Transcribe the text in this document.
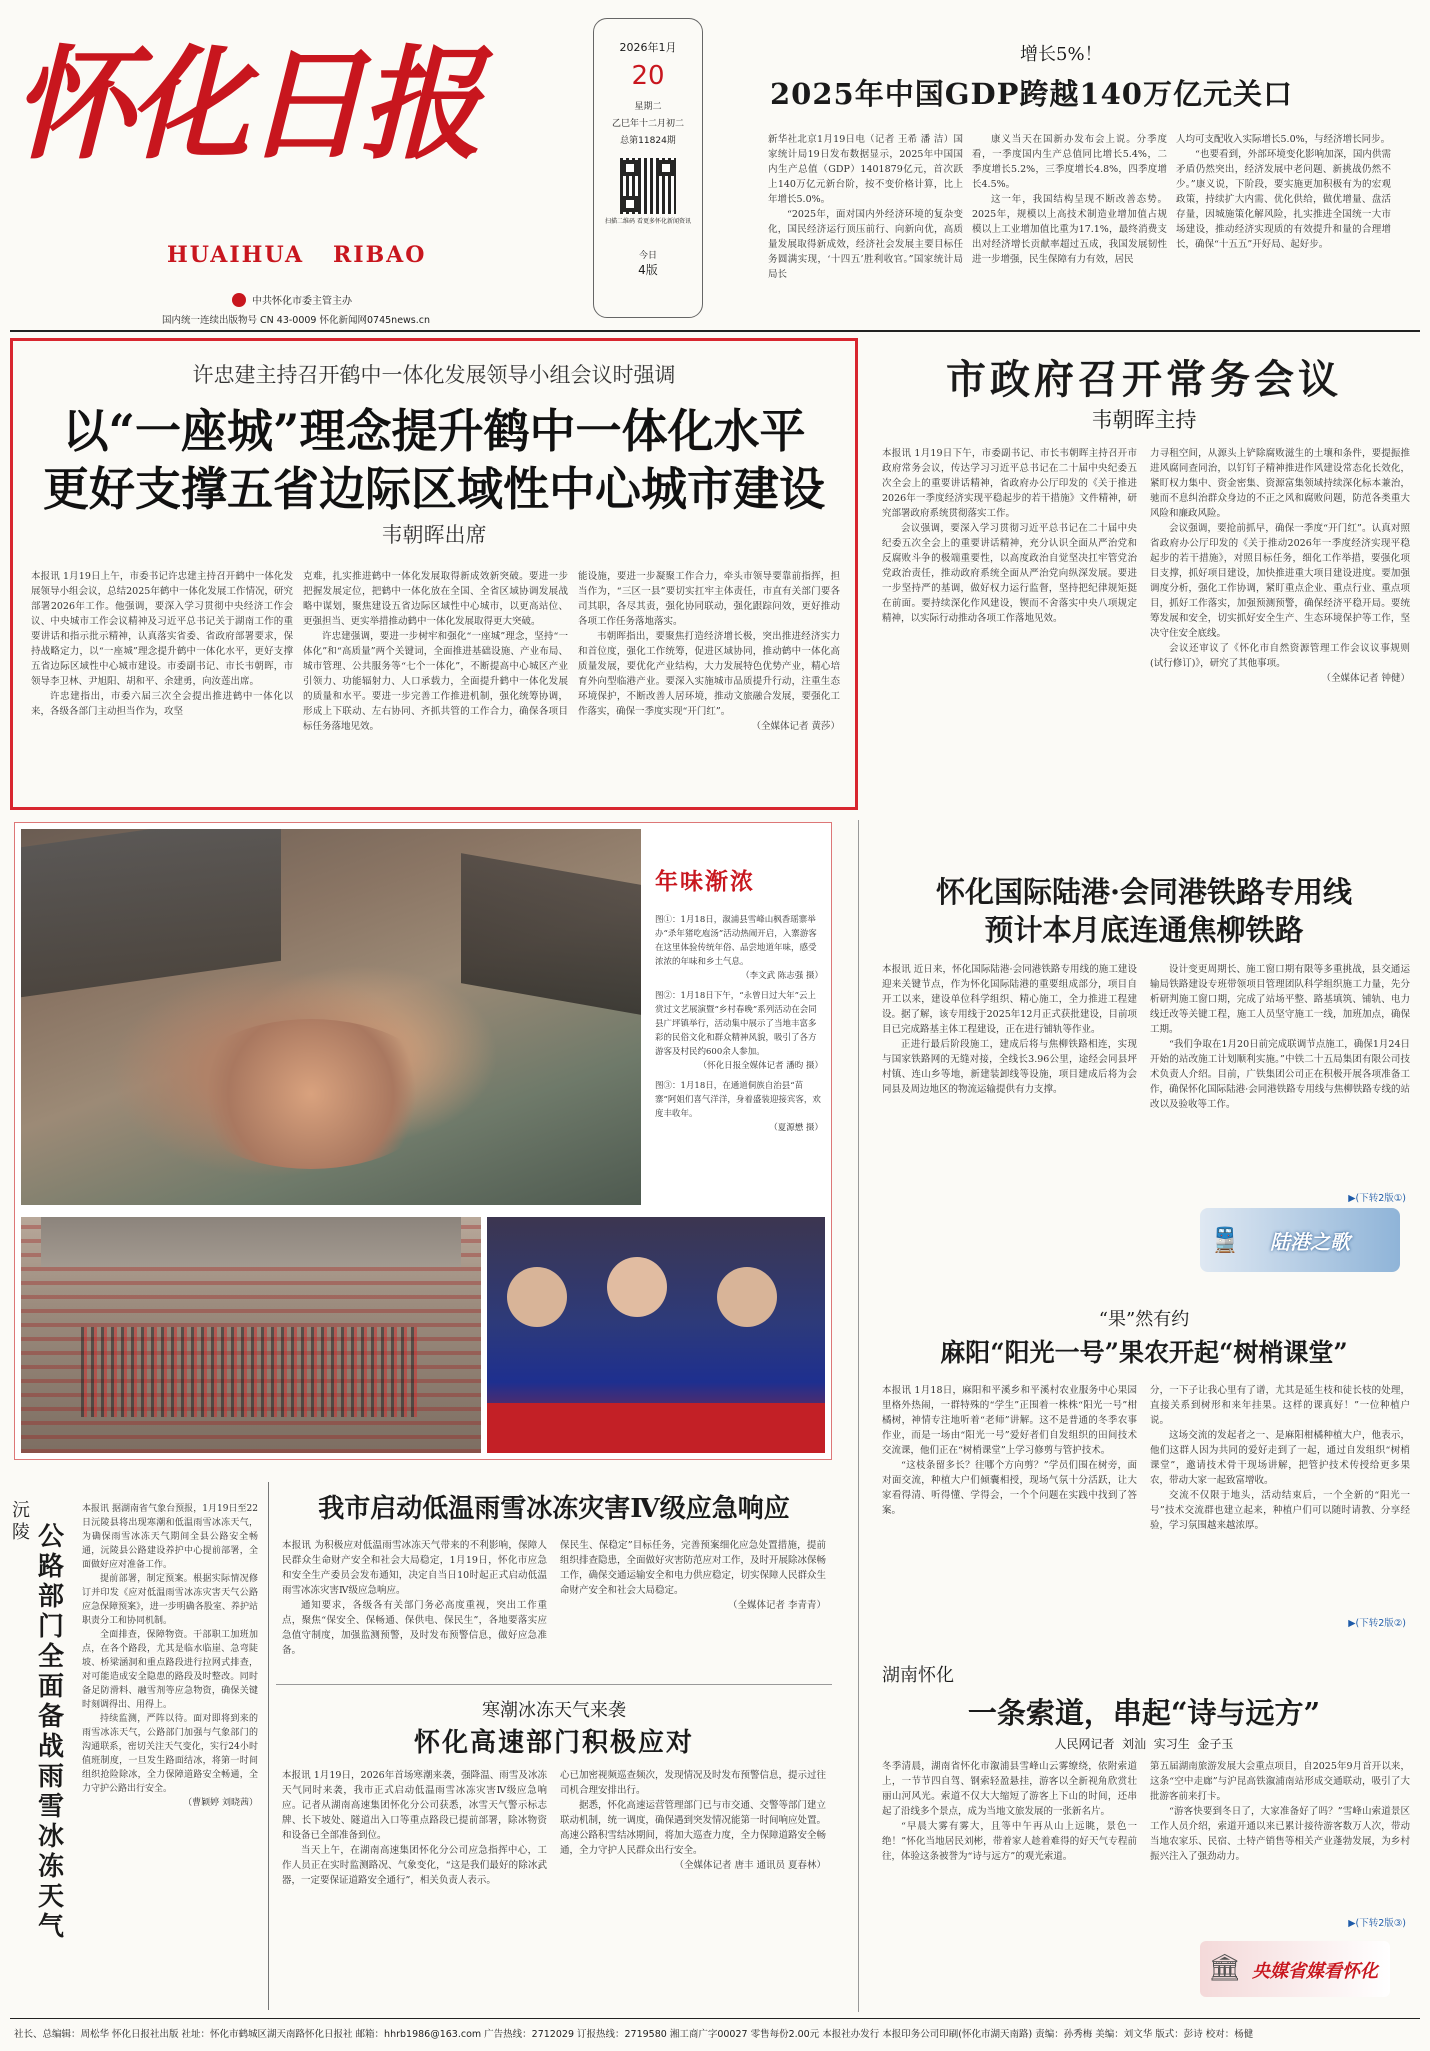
怀化日报
HUAIHUA   RIBAO
中共怀化市委主管主办
国内统一连续出版物号 CN 43-0009 怀化新闻网0745news.cn
2026年1月
20
星期二
乙巳年十二月初二
总第11824期
扫描二维码 看更多怀化新闻资讯
今日
4版
增长5%！
2025年中国GDP跨越140万亿元关口

新华社北京1月19日电（记者 王希 潘 洁）国家统计局19日发布数据显示，2025年中国国内生产总值（GDP）1401879亿元，首次跃上140万亿元新台阶，按不变价格计算，比上年增长5.0%。

“2025年，面对国内外经济环境的复杂变化，国民经济运行顶压前行、向新向优，高质量发展取得新成效，经济社会发展主要目标任务圆满实现，‘十四五’胜利收官。”国家统计局局长

康义当天在国新办发布会上说。分季度看，一季度国内生产总值同比增长5.4%，二季度增长5.2%，三季度增长4.8%，四季度增长4.5%。

这一年，我国结构呈现不断改善态势。2025年，规模以上高技术制造业增加值占规模以上工业增加值比重为17.1%，最终消费支出对经济增长贡献率超过五成，我国发展韧性进一步增强，民生保障有力有效，居民

人均可支配收入实际增长5.0%，与经济增长同步。

“也要看到，外部环境变化影响加深，国内供需矛盾仍然突出，经济发展中老问题、新挑战仍然不少。”康义说，下阶段，要实施更加积极有为的宏观政策，持续扩大内需、优化供给，做优增量、盘活存量，因城施策化解风险，扎实推进全国统一大市场建设，推动经济实现质的有效提升和量的合理增长，确保“十五五”开好局、起好步。

许忠建主持召开鹤中一体化发展领导小组会议时强调
以“一座城”理念提升鹤中一体化水平
更好支撑五省边际区域性中心城市建设
韦朝晖出席

本报讯 1月19日上午，市委书记许忠建主持召开鹤中一体化发展领导小组会议，总结2025年鹤中一体化发展工作情况，研究部署2026年工作。他强调，要深入学习贯彻中央经济工作会议、中央城市工作会议精神及习近平总书记关于湖南工作的重要讲话和指示批示精神，认真落实省委、省政府部署要求，保持战略定力，以“一座城”理念提升鹤中一体化水平，更好支撑五省边际区域性中心城市建设。市委副书记、市长韦朝晖，市领导李卫林、尹旭阳、胡和平、余建勇，向汝莲出席。

许忠建指出，市委六届三次全会提出推进鹤中一体化以来，各级各部门主动担当作为，攻坚

克难，扎实推进鹤中一体化发展取得新成效新突破。要进一步把握发展定位，把鹤中一体化放在全国、全省区域协调发展战略中谋划，聚焦建设五省边际区域性中心城市，以更高站位、更强担当、更实举措推动鹤中一体化发展取得更大突破。

许忠建强调，要进一步树牢和强化“一座城”理念，坚持“一体化”和“高质量”两个关键词，全面推进基础设施、产业布局、城市管理、公共服务等“七个一体化”，不断提高中心城区产业引领力、功能辐射力、人口承载力，全面提升鹤中一体化发展的质量和水平。要进一步完善工作推进机制，强化统筹协调，形成上下联动、左右协同、齐抓共管的工作合力，确保各项目标任务落地见效。

能设施，要进一步凝聚工作合力，牵头市领导要靠前指挥，担当作为，“三区一县”要切实扛牢主体责任，市直有关部门要各司其职，各尽其责，强化协同联动，强化跟踪问效，更好推动各项工作任务落地落实。

韦朝晖指出，要聚焦打造经济增长极，突出推进经济实力和首位度，强化工作统筹，促进区域协同，推动鹤中一体化高质量发展，要优化产业结构，大力发展特色优势产业，精心培育外向型临港产业。要深入实施城市品质提升行动，注重生态环境保护，不断改善人居环境，推动文旅融合发展，要强化工作落实，确保一季度实现“开门红”。

（全媒体记者 黄莎）

市政府召开常务会议
韦朝晖主持

本报讯 1月19日下午，市委副书记、市长韦朝晖主持召开市政府常务会议，传达学习习近平总书记在二十届中央纪委五次全会上的重要讲话精神，省政府办公厅印发的《关于推进2026年一季度经济实现平稳起步的若干措施》文件精神，研究部署政府系统贯彻落实工作。

会议强调，要深入学习贯彻习近平总书记在二十届中央纪委五次全会上的重要讲话精神，充分认识全面从严治党和反腐败斗争的极端重要性，以高度政治自觉坚决扛牢管党治党政治责任，推动政府系统全面从严治党向纵深发展。要进一步坚持严的基调，做好权力运行监督，坚持把纪律规矩挺在前面。要持续深化作风建设，锲而不舍落实中央八项规定精神，以实际行动推动各项工作落地见效。

力寻租空间，从源头上铲除腐败滋生的土壤和条件，要提振推进风腐同查同治，以钉钉子精神推进作风建设常态化长效化，紧盯权力集中、资金密集、资源富集领域持续深化标本兼治，驰而不息纠治群众身边的不正之风和腐败问题，防范各类重大风险和廉政风险。

会议强调，要抢前抓早，确保一季度“开门红”。认真对照省政府办公厅印发的《关于推动2026年一季度经济实现平稳起步的若干措施》，对照目标任务，细化工作举措，要强化项目支撑，抓好项目建设，加快推进重大项目建设进度。要加强调度分析，强化工作协调，紧盯重点企业、重点行业、重点项目，抓好工作落实，加强预测预警，确保经济平稳开局。要统筹发展和安全，切实抓好安全生产、生态环境保护等工作，坚决守住安全底线。

会议还审议了《怀化市自然资源管理工作会议议事规则(试行修订)》，研究了其他事项。

（全媒体记者 钟健）

年味渐浓

图①：1月18日，溆浦县雪峰山枫香瑶寨举办“杀年猪吃庖汤”活动热闹开启，入寨游客在这里体验传统年俗、品尝地道年味，感受浓浓的年味和乡土气息。

（李文武 陈志强 摄）

图②：1月18日下午，“永曾日过大年”云上赏过文艺展演暨“乡村春晚”系列活动在会同县广坪镇举行，活动集中展示了当地丰富多彩的民俗文化和群众精神风貌，吸引了各方游客及村民约600余人参加。

（怀化日报全媒体记者 潘昀 摄）

图③：1月18日，在通道侗族自治县“苗寨”阿姐们喜气洋洋，身着盛装迎接宾客，欢度丰收年。

（夏源懋 摄）

怀化国际陆港·会同港铁路专用线
预计本月底连通焦柳铁路

本报讯 近日来，怀化国际陆港·会同港铁路专用线的施工建设迎来关键节点，作为怀化国际陆港的重要组成部分，项目自开工以来，建设单位科学组织、精心施工，全力推进工程建设。据了解，该专用线于2025年12月正式获批建设，目前项目已完成路基主体工程建设，正在进行铺轨等作业。

正进行最后阶段施工，建成后将与焦柳铁路相连，实现与国家铁路网的无缝对接，全线长3.96公里，途经会同县坪村镇、连山乡等地，新建装卸线等设施，项目建成后将为会同县及周边地区的物流运输提供有力支撑。

设计变更周期长、施工窗口期有限等多重挑战，县交通运输局铁路建设专班带领项目管理团队科学组织施工力量，先分析研判施工窗口期，完成了站场平整、路基填筑、铺轨、电力线迁改等关键工程，施工人员坚守施工一线，加班加点，确保工期。

“我们争取在1月20日前完成联调节点施工，确保1月24日开始的站改施工计划顺利实施。”中铁二十五局集团有限公司技术负责人介绍。目前，广铁集团公司正在积极开展各项准备工作，确保怀化国际陆港·会同港铁路专用线与焦柳铁路专线的站改以及验收等工作。

▶(下转2版①)
🚆 陆港之歌
“果”然有约
麻阳“阳光一号”果农开起“树梢课堂”

本报讯 1月18日，麻阳和平溪乡和平溪村农业服务中心果园里格外热闹，一群特殊的“学生”正围着一株株“阳光一号”柑橘树，神情专注地听着“老师”讲解。这不是普通的冬季农事作业，而是一场由“阳光一号”爱好者们自发组织的田间技术交流课，他们正在“树梢课堂”上学习修剪与管护技术。

“这枝条留多长？往哪个方向剪？”学员们围在树旁，面对面交流，种植大户们倾囊相授，现场气氛十分活跃，让大家看得清、听得懂、学得会，一个个问题在实践中找到了答案。

分，一下子让我心里有了谱，尤其是延生枝和徒长枝的处理，直接关系到树形和来年挂果。这样的课真好！”一位种植户说。

这场交流的发起者之一、是麻阳柑橘种植大户，他表示，他们这群人因为共同的爱好走到了一起，通过自发组织“树梢课堂”，邀请技术骨干现场讲解，把管护技术传授给更多果农，带动大家一起致富增收。

交流不仅限于地头，活动结束后，一个全新的“阳光一号”技术交流群也建立起来，种植户们可以随时请教、分享经验，学习氛围越来越浓厚。

▶(下转2版②)
沅陵 公路部门全面备战雨雪冰冻天气

本报讯 据湖南省气象台预报，1月19日至22日沅陵县将出现寒潮和低温雨雪冰冻天气，为确保雨雪冰冻天气期间全县公路安全畅通，沅陵县公路建设养护中心提前部署，全面做好应对准备工作。

提前部署，制定预案。根据实际情况修订并印发《应对低温雨雪冰冻灾害天气公路应急保障预案》，进一步明确各股室、养护站职责分工和协同机制。

全面排查，保障物资。干部职工加班加点，在各个路段，尤其是临水临崖、急弯陡坡、桥梁涵洞和重点路段进行拉网式排查，对可能造成安全隐患的路段及时整改。同时备足防滑料、融雪剂等应急物资，确保关键时刻调得出、用得上。

持续监测，严阵以待。面对即将到来的雨雪冰冻天气，公路部门加强与气象部门的沟通联系，密切关注天气变化，实行24小时值班制度，一旦发生路面结冰，将第一时间组织抢险除冰，全力保障道路安全畅通，全力守护公路出行安全。

（曹颖婷 刘晓茜）

我市启动低温雨雪冰冻灾害Ⅳ级应急响应

本报讯 为积极应对低温雨雪冰冻天气带来的不利影响，保障人民群众生命财产安全和社会大局稳定，1月19日，怀化市应急和安全生产委员会发布通知，决定自当日10时起正式启动低温雨雪冰冻灾害Ⅳ级应急响应。

通知要求，各级各有关部门务必高度重视，突出工作重点，聚焦“保安全、保畅通、保供电、保民生”，各地要落实应急值守制度，加强监测预警，及时发布预警信息，做好应急准备。

保民生、保稳定”目标任务，完善预案细化应急处置措施，提前组织排查隐患，全面做好灾害防范应对工作，及时开展除冰保畅工作，确保交通运输安全和电力供应稳定，切实保障人民群众生命财产安全和社会大局稳定。

（全媒体记者 李青青）

寒潮冰冻天气来袭
怀化高速部门积极应对

本报讯 1月19日，2026年首场寒潮来袭，强降温、雨雪及冰冻天气同时来袭，我市正式启动低温雨雪冰冻灾害Ⅳ级应急响应。记者从湖南高速集团怀化分公司获悉，冰雪天气警示标志牌、长下坡处、隧道出入口等重点路段已提前部署，除冰物资和设备已全部准备到位。

当天上午，在湖南高速集团怀化分公司应急指挥中心，工作人员正在实时监测路况、气象变化，“这是我们最好的除冰武器，一定要保证道路安全通行”，相关负责人表示。

心已加密视频巡查频次，发现情况及时发布预警信息，提示过往司机合理安排出行。

据悉，怀化高速运营管理部门已与市交通、交警等部门建立联动机制，统一调度，确保遇到突发情况能第一时间响应处置。高速公路积雪结冰期间，将加大巡查力度，全力保障道路安全畅通，全力守护人民群众出行安全。

（全媒体记者 唐丰 通讯员 夏春林）

湖南怀化
一条索道，串起“诗与远方”
人民网记者  刘汕  实习生  金子玉

冬季清晨，湖南省怀化市溆浦县雪峰山云雾缭绕，依附索道上，一节节四自驾、钢索轻盈悬挂，游客以全新视角欣赏壮丽山河风光。索道不仅大大缩短了游客上下山的时间，还串起了沿线多个景点，成为当地文旅发展的一张新名片。

“早晨大雾有雾大，且等中午再从山上远眺，景色一绝！”怀化当地居民刘彬，带着家人趁着难得的好天气专程前往，体验这条被誉为“诗与远方”的观光索道。

第五届湖南旅游发展大会重点项目，自2025年9月首开以来，这条“空中走廊”与沪昆高铁溆浦南站形成交通联动，吸引了大批游客前来打卡。

“游客快要到冬日了，大家准备好了吗？”雪峰山索道景区工作人员介绍，索道开通以来已累计接待游客数万人次，带动当地农家乐、民宿、土特产销售等相关产业蓬勃发展，为乡村振兴注入了强劲动力。

▶(下转2版③)
🏛 央媒省媒看怀化
社长、总编辑：周松华 怀化日报社出版 社址：怀化市鹤城区湖天南路怀化日报社 邮箱：hhrb1986@163.com 广告热线：2712029 订报热线：2719580 湘工商广字00027 零售每份2.00元 本报社办发行 本报印务公司印刷(怀化市湖天南路) 责编：孙秀梅 美编：刘文华 版式：彭诗 校对：杨健
